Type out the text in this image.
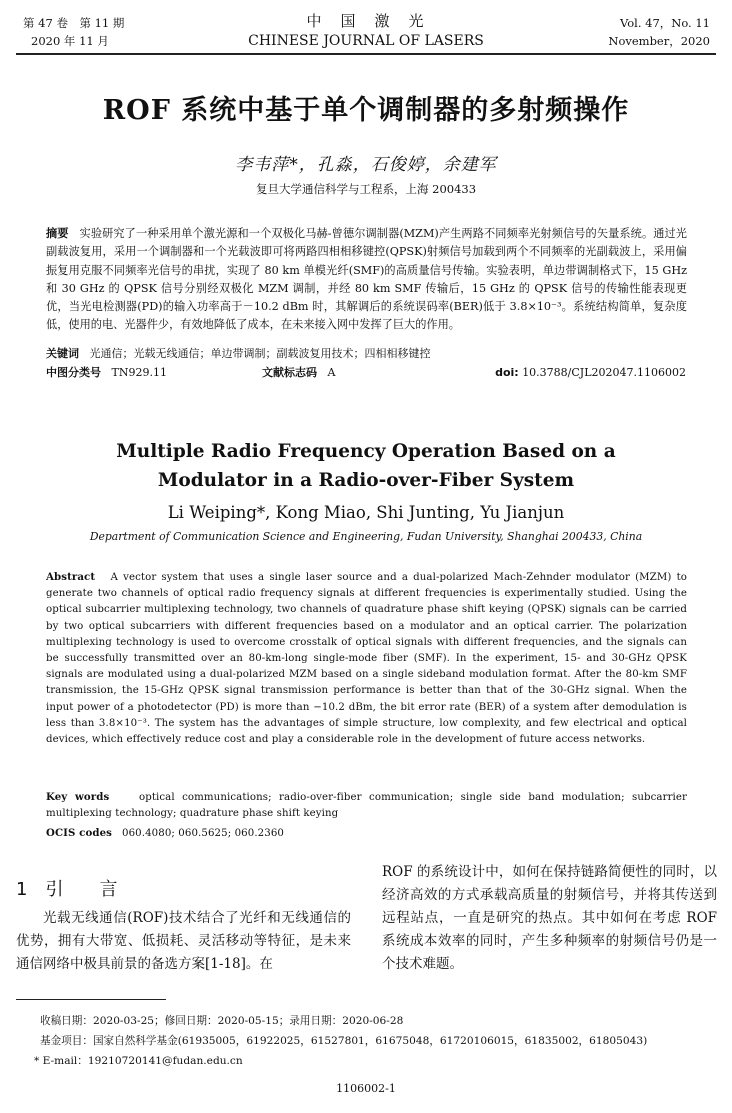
第 47 卷　第 11 期
2020 年 11 月
中　国　激　光
CHINESE JOURNAL OF LASERS
Vol. 47，No. 11
November，2020
ROF 系统中基于单个调制器的多射频操作
李韦萍*，孔淼，石俊婷，余建军
复旦大学通信科学与工程系，上海 200433
摘要 实验研究了一种采用单个激光源和一个双极化马赫-曾德尔调制器(MZM)产生两路不同频率光射频信号的矢量系统。通过光副载波复用，采用一个调制器和一个光载波即可将两路四相相移键控(QPSK)射频信号加载到两个不同频率的光副载波上，采用偏振复用克服不同频率光信号的串扰，实现了 80 km 单模光纤(SMF)的高质量信号传输。实验表明，单边带调制格式下，15 GHz 和 30 GHz 的 QPSK 信号分别经双极化 MZM 调制，并经 80 km SMF 传输后，15 GHz 的 QPSK 信号的传输性能表现更优，当光电检测器(PD)的输入功率高于－10.2 dBm 时，其解调后的系统误码率(BER)低于 3.8×10⁻³。系统结构简单，复杂度低，使用的电、光器件少，有效地降低了成本，在未来接入网中发挥了巨大的作用。
关键词 光通信；光载无线通信；单边带调制；副载波复用技术；四相相移键控
中图分类号 TN929.11	文献标志码 A	doi: 10.3788/CJL202047.1106002
Multiple Radio Frequency Operation Based on a Modulator in a Radio-over-Fiber System
Li Weiping*, Kong Miao, Shi Junting, Yu Jianjun
Department of Communication Science and Engineering, Fudan University, Shanghai 200433, China
Abstract A vector system that uses a single laser source and a dual-polarized Mach-Zehnder modulator (MZM) to generate two channels of optical radio frequency signals at different frequencies is experimentally studied. Using the optical subcarrier multiplexing technology, two channels of quadrature phase shift keying (QPSK) signals can be carried by two optical subcarriers with different frequencies based on a modulator and an optical carrier. The polarization multiplexing technology is used to overcome crosstalk of optical signals with different frequencies, and the signals can be successfully transmitted over an 80-km-long single-mode fiber (SMF). In the experiment, 15- and 30-GHz QPSK signals are modulated using a dual-polarized MZM based on a single sideband modulation format. After the 80-km SMF transmission, the 15-GHz QPSK signal transmission performance is better than that of the 30-GHz signal. When the input power of a photodetector (PD) is more than −10.2 dBm, the bit error rate (BER) of a system after demodulation is less than 3.8×10⁻³. The system has the advantages of simple structure, low complexity, and few electrical and optical devices, which effectively reduce cost and play a considerable role in the development of future access networks.
Key words	optical communications; radio-over-fiber communication; single side band modulation; subcarrier multiplexing technology; quadrature phase shift keying
OCIS codes 060.4080; 060.5625; 060.2360
1　引　　言
光载无线通信(ROF)技术结合了光纤和无线通信的优势，拥有大带宽、低损耗、灵活移动等特征，是未来通信网络中极具前景的备选方案[1-18]。在
ROF 的系统设计中，如何在保持链路简便性的同时，以经济高效的方式承载高质量的射频信号，并将其传送到远程站点，一直是研究的热点。其中如何在考虑 ROF 系统成本效率的同时，产生多种频率的射频信号仍是一个技术难题。
收稿日期：2020-03-25；修回日期：2020-05-15；录用日期：2020-06-28
基金项目：国家自然科学基金(61935005，61922025，61527801，61675048，61720106015，61835002，61805043)
* E-mail：19210720141@fudan.edu.cn
1106002-1
